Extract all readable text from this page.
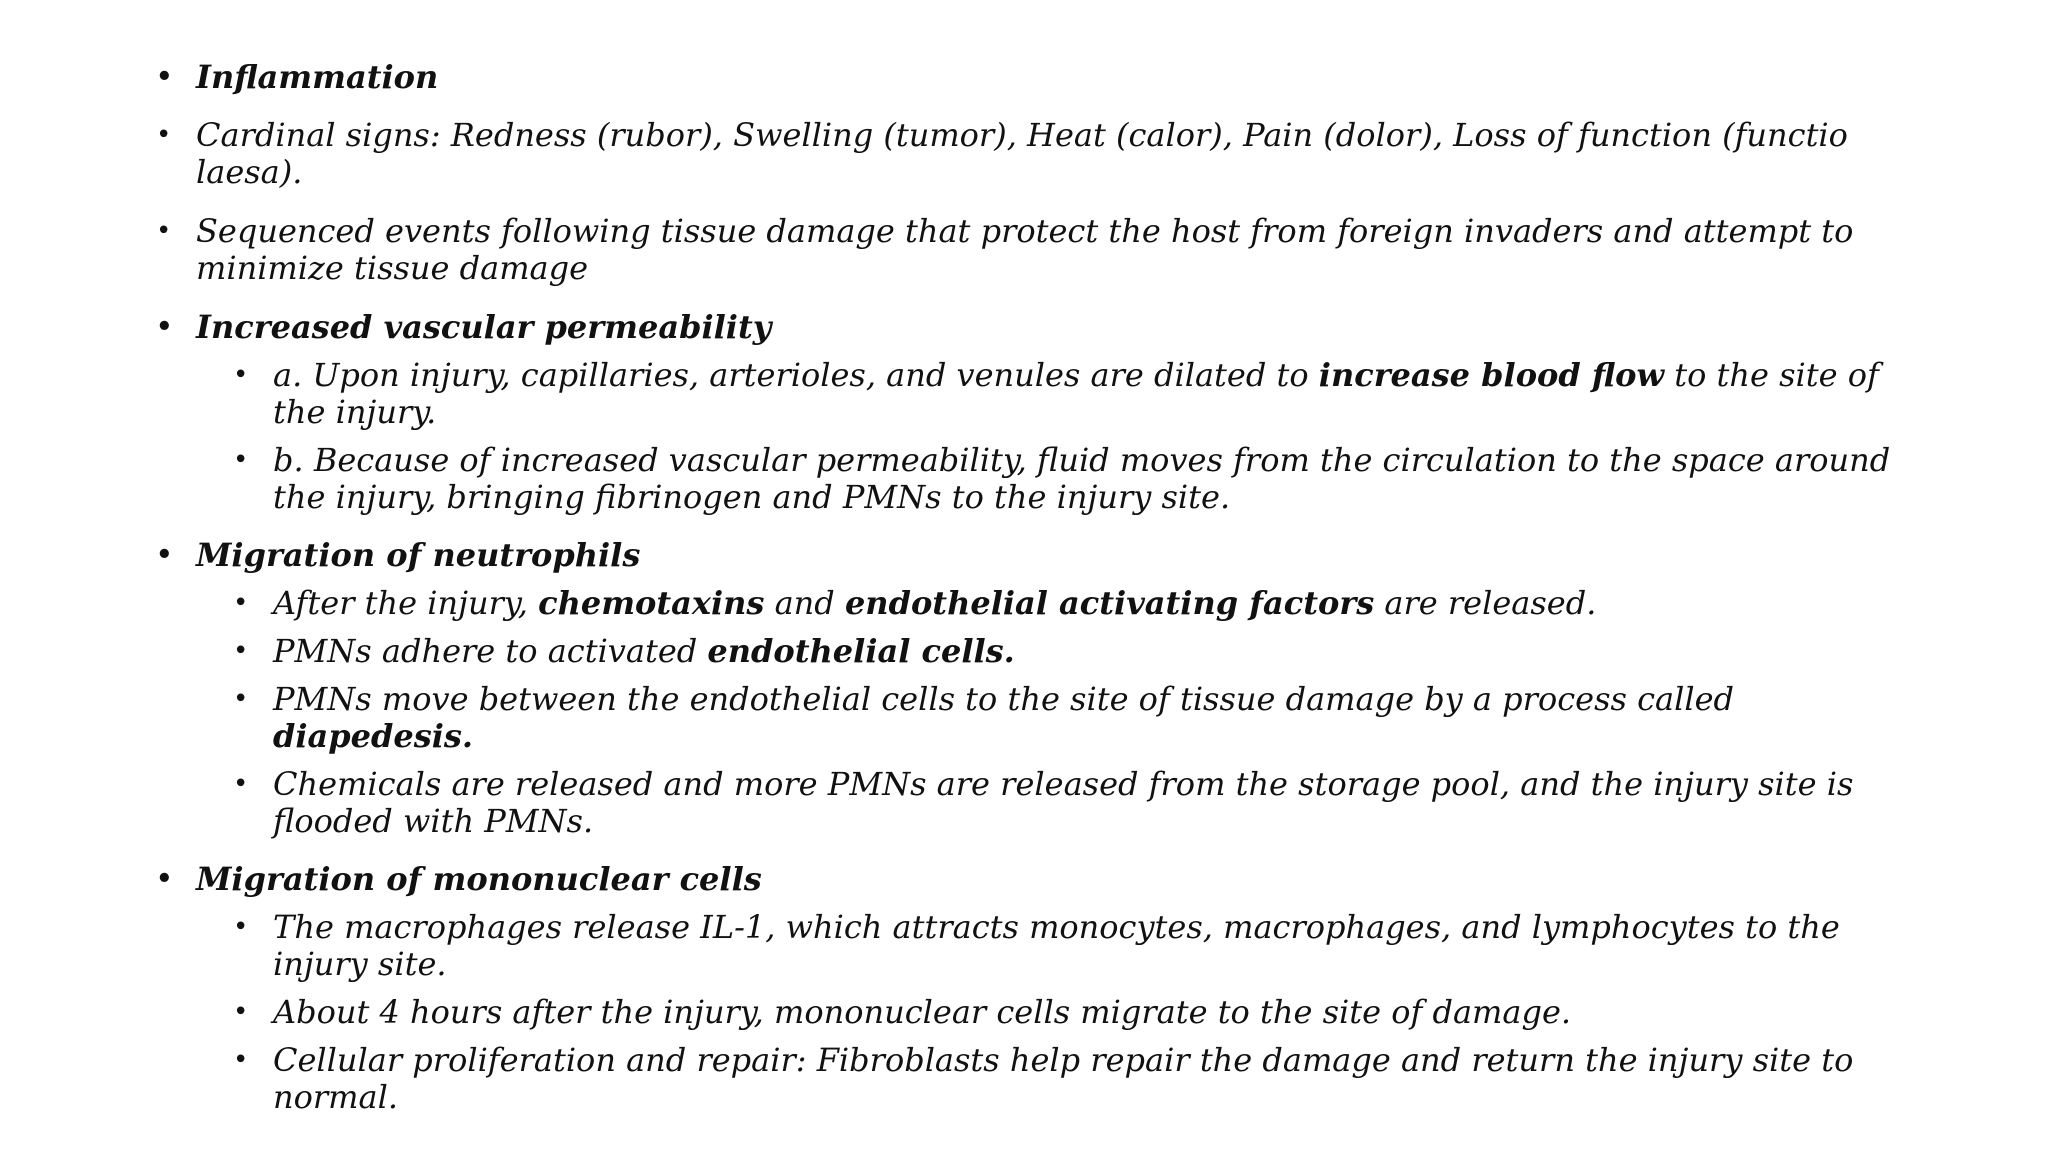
• Inflammation
• Cardinal signs: Redness (rubor), Swelling (tumor), Heat (calor), Pain (dolor), Loss of function (functio laesa).
• Sequenced events following tissue damage that protect the host from foreign invaders and attempt to minimize tissue damage
• Increased vascular permeability
• a. Upon injury, capillaries, arterioles, and venules are dilated to increase blood flow to the site of the injury.
• b. Because of increased vascular permeability, fluid moves from the circulation to the space around the injury, bringing fibrinogen and PMNs to the injury site.
• Migration of neutrophils
• After the injury, chemotaxins and endothelial activating factors are released.
• PMNs adhere to activated endothelial cells.
• PMNs move between the endothelial cells to the site of tissue damage by a process called diapedesis.
• Chemicals are released and more PMNs are released from the storage pool, and the injury site is flooded with PMNs.
• Migration of mononuclear cells
• The macrophages release IL-1, which attracts monocytes, macrophages, and lymphocytes to the injury site.
• About 4 hours after the injury, mononuclear cells migrate to the site of damage.
• Cellular proliferation and repair: Fibroblasts help repair the damage and return the injury site to normal.
